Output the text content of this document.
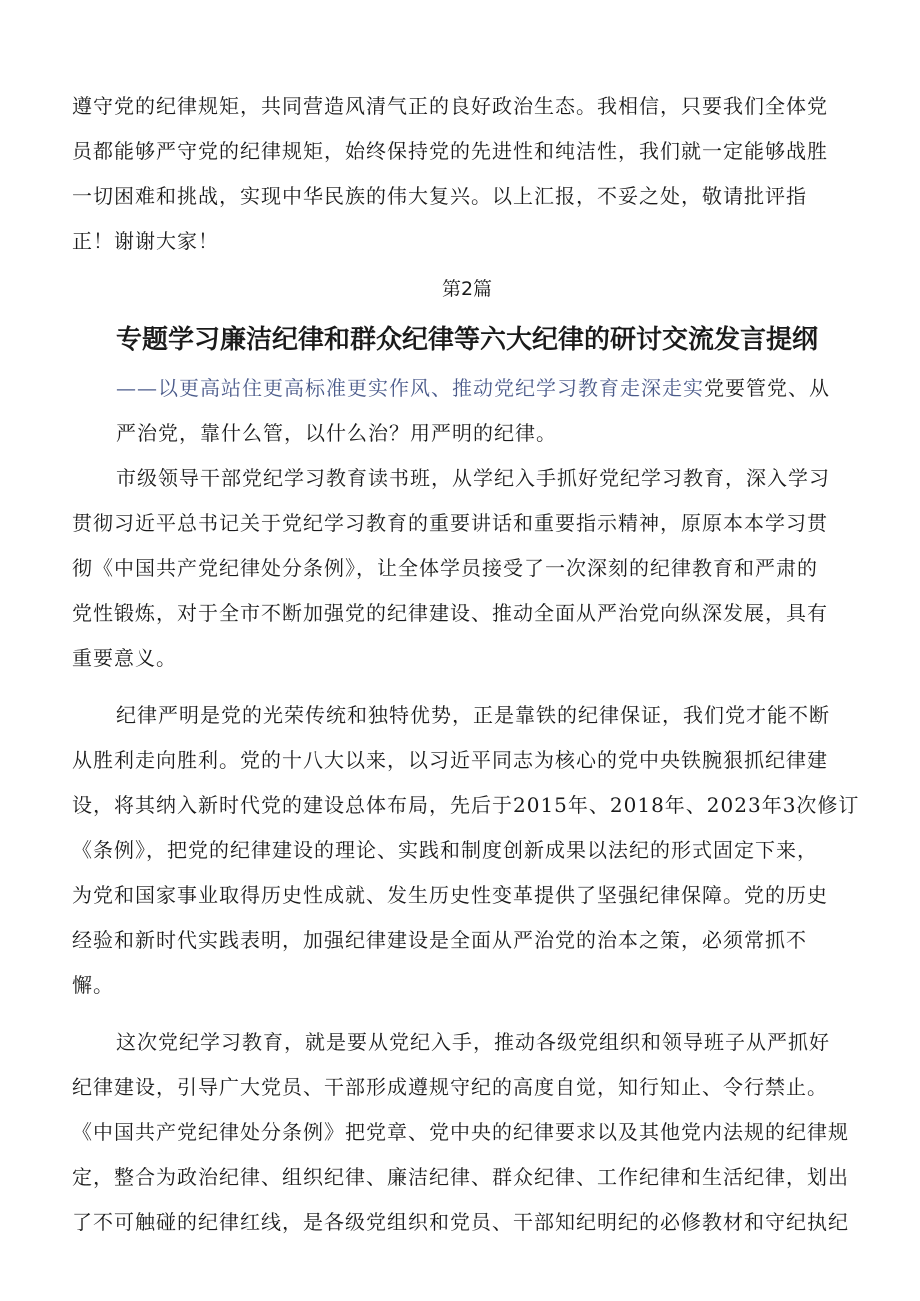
遵守党的纪律规矩，共同营造风清气正的良好政治生态。我相信，只要我们全体党
员都能够严守党的纪律规矩，始终保持党的先进性和纯洁性，我们就一定能够战胜
一切困难和挑战，实现中华民族的伟大复兴。以上汇报，不妥之处，敬请批评指
正！谢谢大家！
第2篇
专题学习廉洁纪律和群众纪律等六大纪律的研讨交流发言提纲
——以更高站住更高标准更实作风、推动党纪学习教育走深走实党要管党、从
严治党，靠什么管，以什么治？用严明的纪律。
市级领导干部党纪学习教育读书班，从学纪入手抓好党纪学习教育，深入学习
贯彻习近平总书记关于党纪学习教育的重要讲话和重要指示精神，原原本本学习贯
彻《中国共产党纪律处分条例》，让全体学员接受了一次深刻的纪律教育和严肃的
党性锻炼，对于全市不断加强党的纪律建设、推动全面从严治党向纵深发展，具有
重要意义。
纪律严明是党的光荣传统和独特优势，正是靠铁的纪律保证，我们党才能不断
从胜利走向胜利。党的十八大以来，以习近平同志为核心的党中央铁腕狠抓纪律建
设，将其纳入新时代党的建设总体布局，先后于2015年、2018年、2023年3次修订
《条例》，把党的纪律建设的理论、实践和制度创新成果以法纪的形式固定下来，
为党和国家事业取得历史性成就、发生历史性变革提供了坚强纪律保障。党的历史
经验和新时代实践表明，加强纪律建设是全面从严治党的治本之策，必须常抓不
懈。
这次党纪学习教育，就是要从党纪入手，推动各级党组织和领导班子从严抓好
纪律建设，引导广大党员、干部形成遵规守纪的高度自觉，知行知止、令行禁止。
《中国共产党纪律处分条例》把党章、党中央的纪律要求以及其他党内法规的纪律规
定，整合为政治纪律、组织纪律、廉洁纪律、群众纪律、工作纪律和生活纪律，划出
了不可触碰的纪律红线，是各级党组织和党员、干部知纪明纪的必修教材和守纪执纪
